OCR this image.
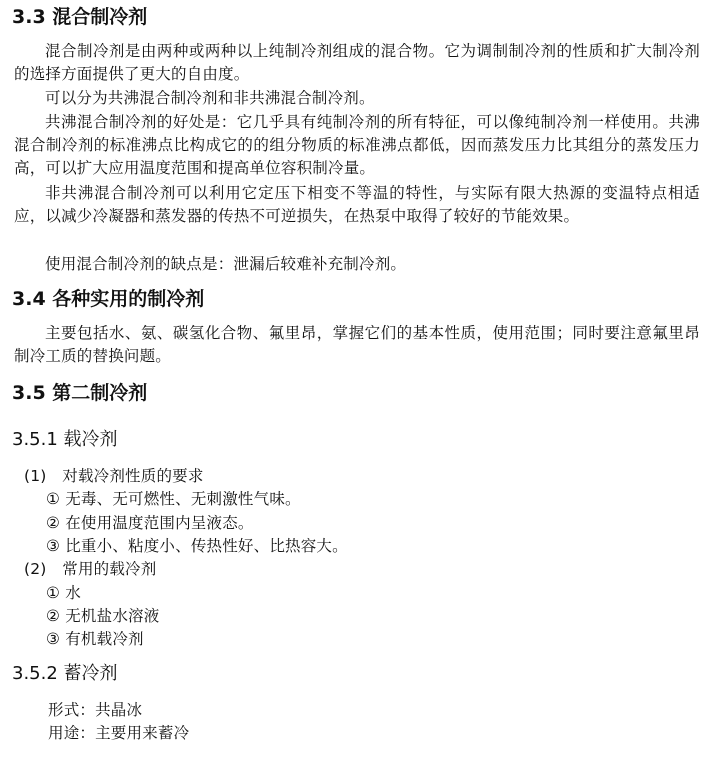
3.3 混合制冷剂
混合制冷剂是由两种或两种以上纯制冷剂组成的混合物。它为调制制冷剂的性质和扩大制冷剂的选择方面提供了更大的自由度。
可以分为共沸混合制冷剂和非共沸混合制冷剂。
共沸混合制冷剂的好处是：它几乎具有纯制冷剂的所有特征，可以像纯制冷剂一样使用。共沸混合制冷剂的标准沸点比构成它的的组分物质的标准沸点都低，因而蒸发压力比其组分的蒸发压力高，可以扩大应用温度范围和提高单位容积制冷量。
非共沸混合制冷剂可以利用它定压下相变不等温的特性，与实际有限大热源的变温特点相适应，以减少冷凝器和蒸发器的传热不可逆损失，在热泵中取得了较好的节能效果。
使用混合制冷剂的缺点是：泄漏后较难补充制冷剂。
3.4 各种实用的制冷剂
主要包括水、氨、碳氢化合物、氟里昂，掌握它们的基本性质，使用范围；同时要注意氟里昂制冷工质的替换问题。
3.5 第二制冷剂
3.5.1 载冷剂
(1)　对载冷剂性质的要求
① 无毒、无可燃性、无刺激性气味。
② 在使用温度范围内呈液态。
③ 比重小、粘度小、传热性好、比热容大。
(2)　常用的载冷剂
① 水
② 无机盐水溶液
③ 有机载冷剂
3.5.2 蓄冷剂
形式：共晶冰
用途：主要用来蓄冷
